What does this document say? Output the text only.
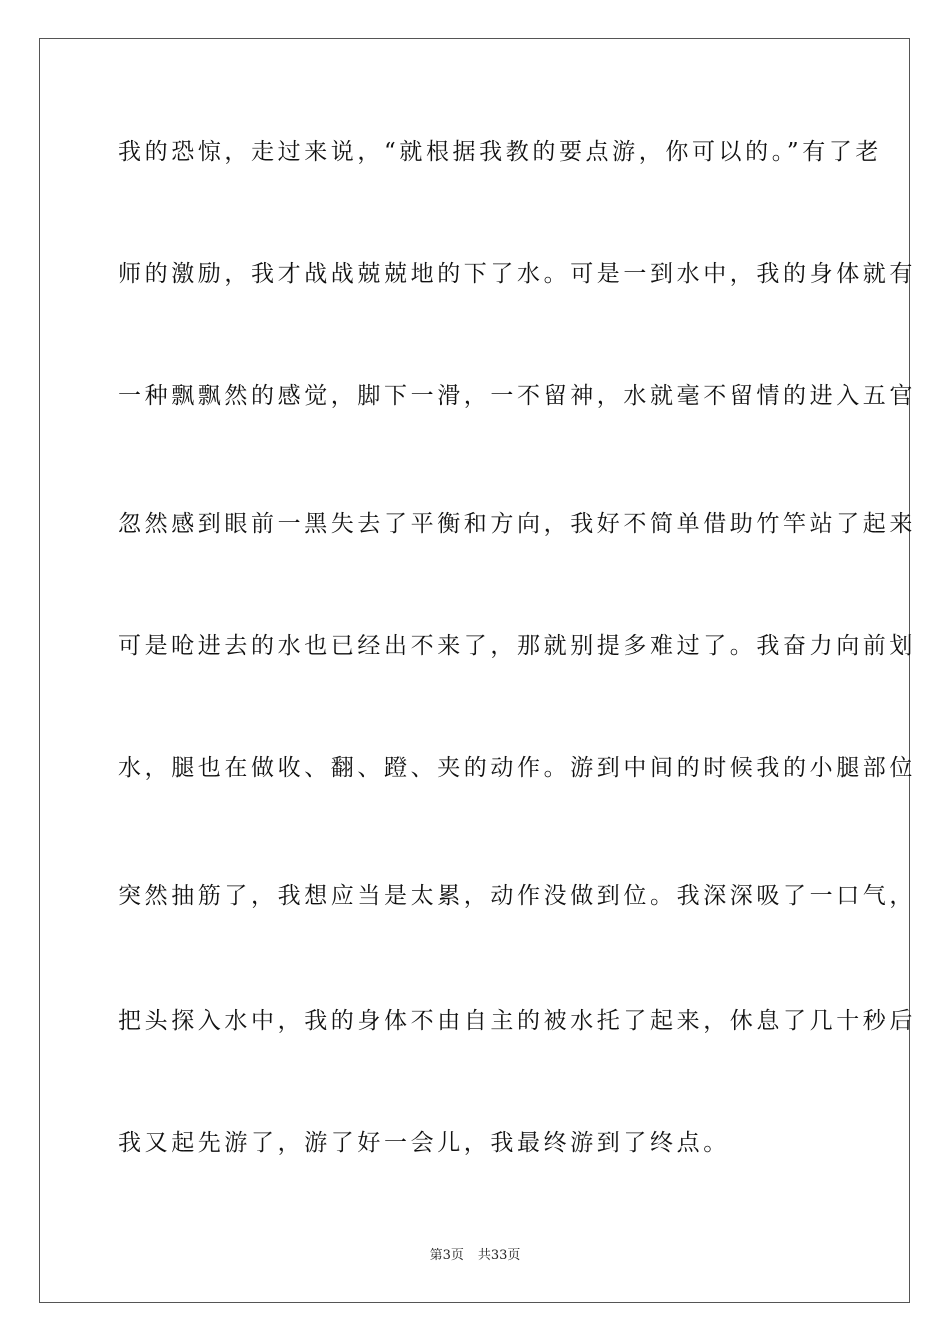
我的恐惊，走过来说，“就根据我教的要点游，你可以的。”有了老
师的激励，我才战战兢兢地的下了水。可是一到水中，我的身体就有
一种飘飘然的感觉，脚下一滑，一不留神，水就毫不留情的进入五官
忽然感到眼前一黑失去了平衡和方向，我好不简单借助竹竿站了起来
可是呛进去的水也已经出不来了，那就别提多难过了。我奋力向前划
水，腿也在做收、翻、蹬、夹的动作。游到中间的时候我的小腿部位
突然抽筋了，我想应当是太累，动作没做到位。我深深吸了一口气，
把头探入水中，我的身体不由自主的被水托了起来，休息了几十秒后
我又起先游了，游了好一会儿，我最终游到了终点。
第3页 共33页
